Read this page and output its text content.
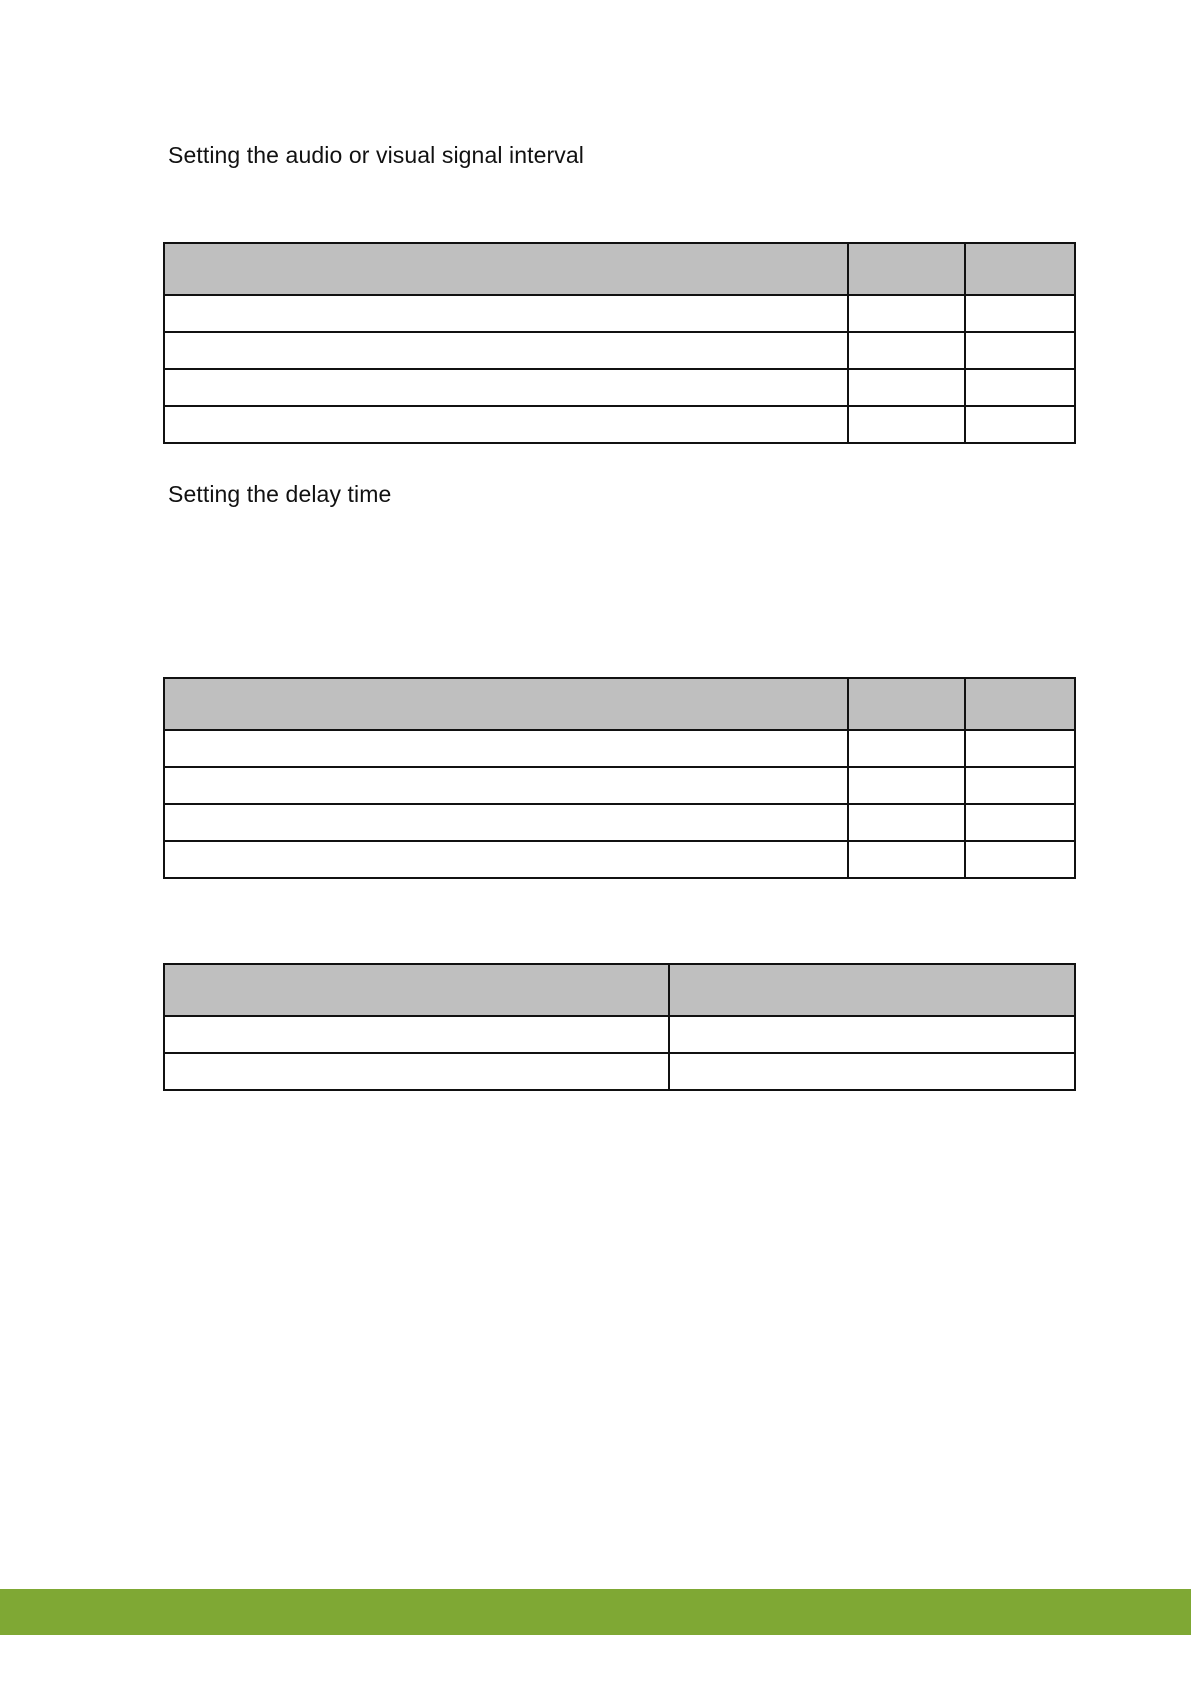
Setting the audio or visual signal interval

Setting the delay time
